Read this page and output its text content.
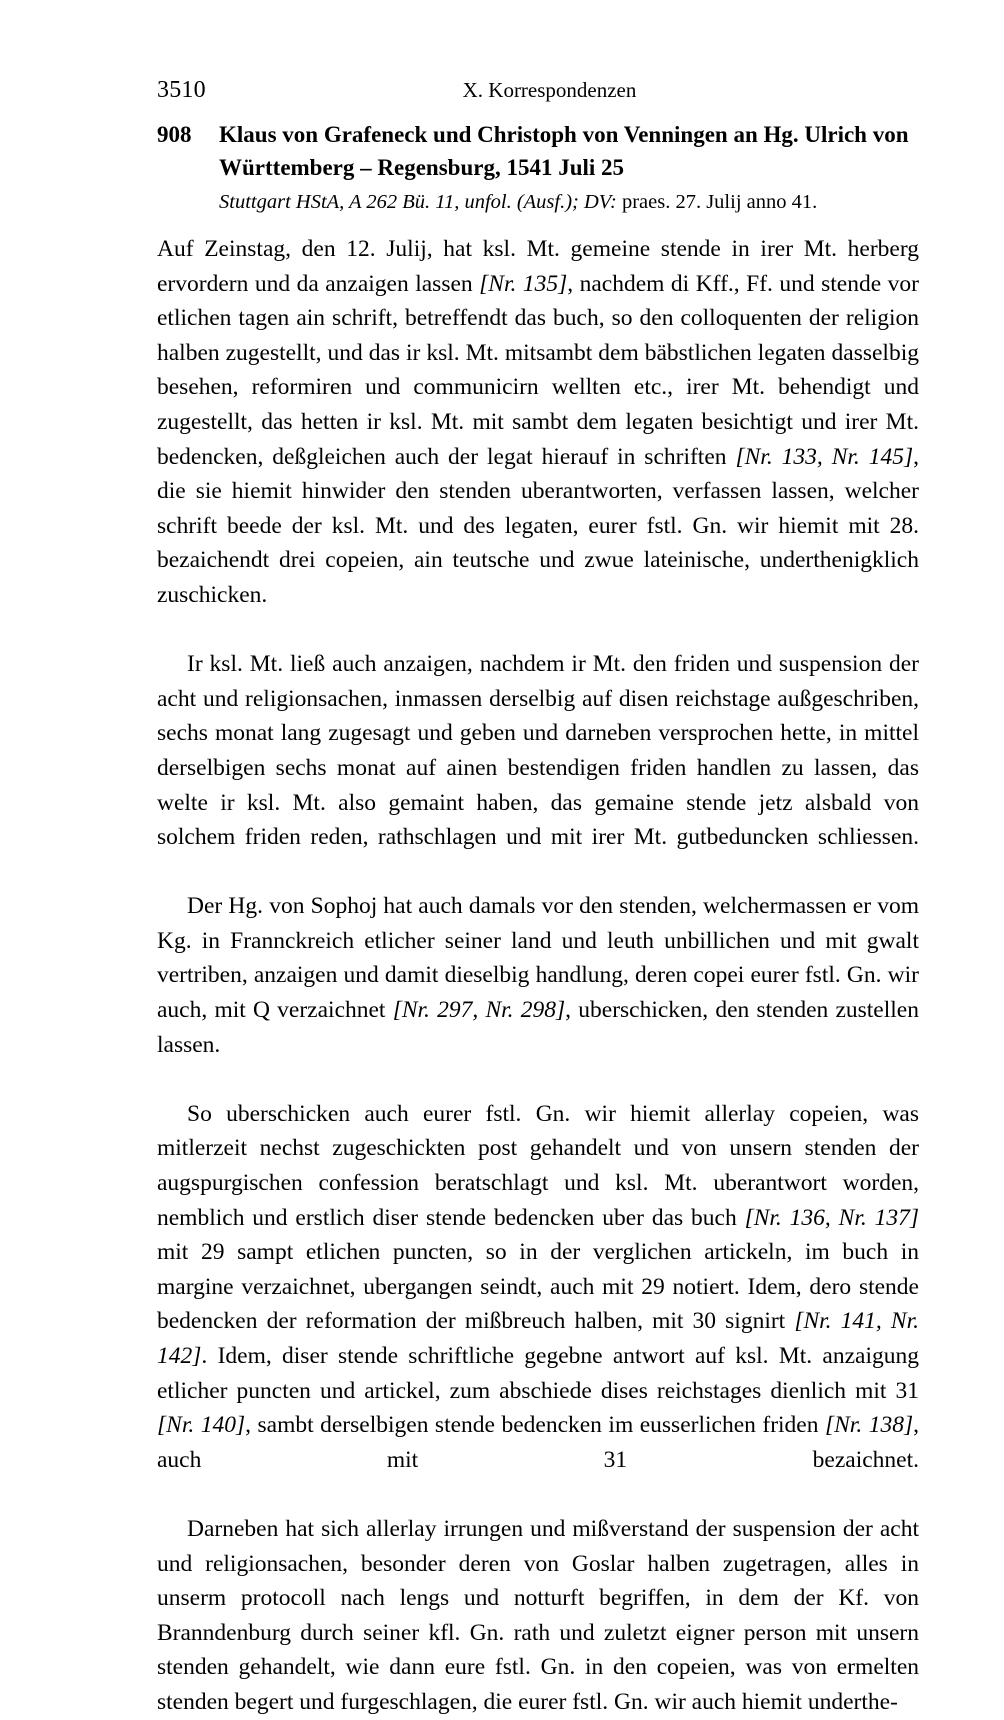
3510	X. Korrespondenzen
908 Klaus von Grafeneck und Christoph von Venningen an Hg. Ulrich von Württemberg – Regensburg, 1541 Juli 25
Stuttgart HStA, A 262 Bü. 11, unfol. (Ausf.); DV: praes. 27. Julij anno 41.

Auf Zeinstag, den 12. Julij, hat ksl. Mt. gemeine stende in irer Mt. herberg ervordern und da anzaigen lassen [Nr. 135], nachdem di Kff., Ff. und stende vor etlichen tagen ain schrift, betreffendt das buch, so den colloquenten der religion halben zugestellt, und das ir ksl. Mt. mitsambt dem bäbstlichen legaten dasselbig besehen, reformiren und communicirn wellten etc., irer Mt. behendigt und zugestellt, das hetten ir ksl. Mt. mit sambt dem legaten besichtigt und irer Mt. bedencken, deßgleichen auch der legat hierauf in schriften [Nr. 133, Nr. 145], die sie hiemit hinwider den stenden uberantworten, verfassen lassen, welcher schrift beede der ksl. Mt. und des legaten, eurer fstl. Gn. wir hiemit mit 28. bezaichendt drei copeien, ain teutsche und zwue lateinische, underthenigklich zuschicken.

Ir ksl. Mt. ließ auch anzaigen, nachdem ir Mt. den friden und suspension der acht und religionsachen, inmassen derselbig auf disen reichstage außgeschriben, sechs monat lang zugesagt und geben und darneben versprochen hette, in mittel derselbigen sechs monat auf ainen bestendigen friden handlen zu lassen, das welte ir ksl. Mt. also gemaint haben, das gemaine stende jetz alsbald von solchem friden reden, rathschlagen und mit irer Mt. gutbeduncken schliessen.

Der Hg. von Sophoj hat auch damals vor den stenden, welchermassen er vom Kg. in Frannckreich etlicher seiner land und leuth unbillichen und mit gwalt vertriben, anzaigen und damit dieselbig handlung, deren copei eurer fstl. Gn. wir auch, mit Q verzaichnet [Nr. 297, Nr. 298], uberschicken, den stenden zustellen lassen.

So uberschicken auch eurer fstl. Gn. wir hiemit allerlay copeien, was mitlerzeit nechst zugeschickten post gehandelt und von unsern stenden der augspurgischen confession beratschlagt und ksl. Mt. uberantwort worden, nemblich und erstlich diser stende bedencken uber das buch [Nr. 136, Nr. 137] mit 29 sampt etlichen puncten, so in der verglichen artickeln, im buch in margine verzaichnet, ubergangen seindt, auch mit 29 notiert. Idem, dero stende bedencken der reformation der mißbreuch halben, mit 30 signirt [Nr. 141, Nr. 142]. Idem, diser stende schriftliche gegebne antwort auf ksl. Mt. anzaigung etlicher puncten und artickel, zum abschiede dises reichstages dienlich mit 31 [Nr. 140], sambt derselbigen stende bedencken im eusserlichen friden [Nr. 138], auch mit 31 bezaichnet.

Darneben hat sich allerlay irrungen und mißverstand der suspension der acht und religionsachen, besonder deren von Goslar halben zugetragen, alles in unserm protocoll nach lengs und notturft begriffen, in dem der Kf. von Branndenburg durch seiner kfl. Gn. rath und zuletzt eigner person mit unsern stenden gehandelt, wie dann eure fstl. Gn. in den copeien, was von ermelten stenden begert und furgeschlagen, die eurer fstl. Gn. wir auch hiemit underthe-
